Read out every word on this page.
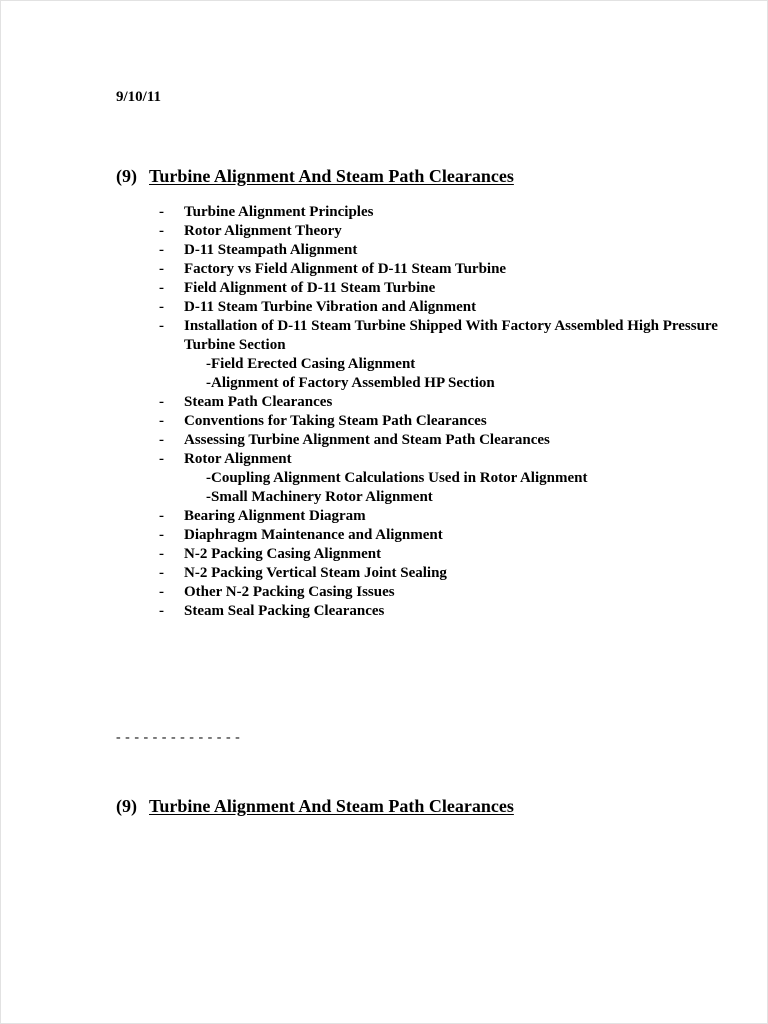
9/10/11
(9) Turbine Alignment And Steam Path Clearances
- Turbine Alignment Principles
- Rotor Alignment Theory
- D-11 Steampath Alignment
- Factory vs Field Alignment of D-11 Steam Turbine
- Field Alignment of D-11 Steam Turbine
- D-11 Steam Turbine Vibration and Alignment
- Installation of D-11 Steam Turbine Shipped With Factory Assembled High Pressure Turbine Section
-Field Erected Casing Alignment
-Alignment of Factory Assembled HP Section
- Steam Path Clearances
- Conventions for Taking Steam Path Clearances
- Assessing Turbine Alignment and Steam Path Clearances
- Rotor Alignment
-Coupling Alignment Calculations Used in Rotor Alignment
-Small Machinery Rotor Alignment
- Bearing Alignment Diagram
- Diaphragm Maintenance and Alignment
- N-2 Packing Casing Alignment
- N-2 Packing Vertical Steam Joint Sealing
- Other N-2 Packing Casing Issues
- Steam Seal Packing Clearances
- - - - - - - - - - - - - -
(9) Turbine Alignment And Steam Path Clearances
